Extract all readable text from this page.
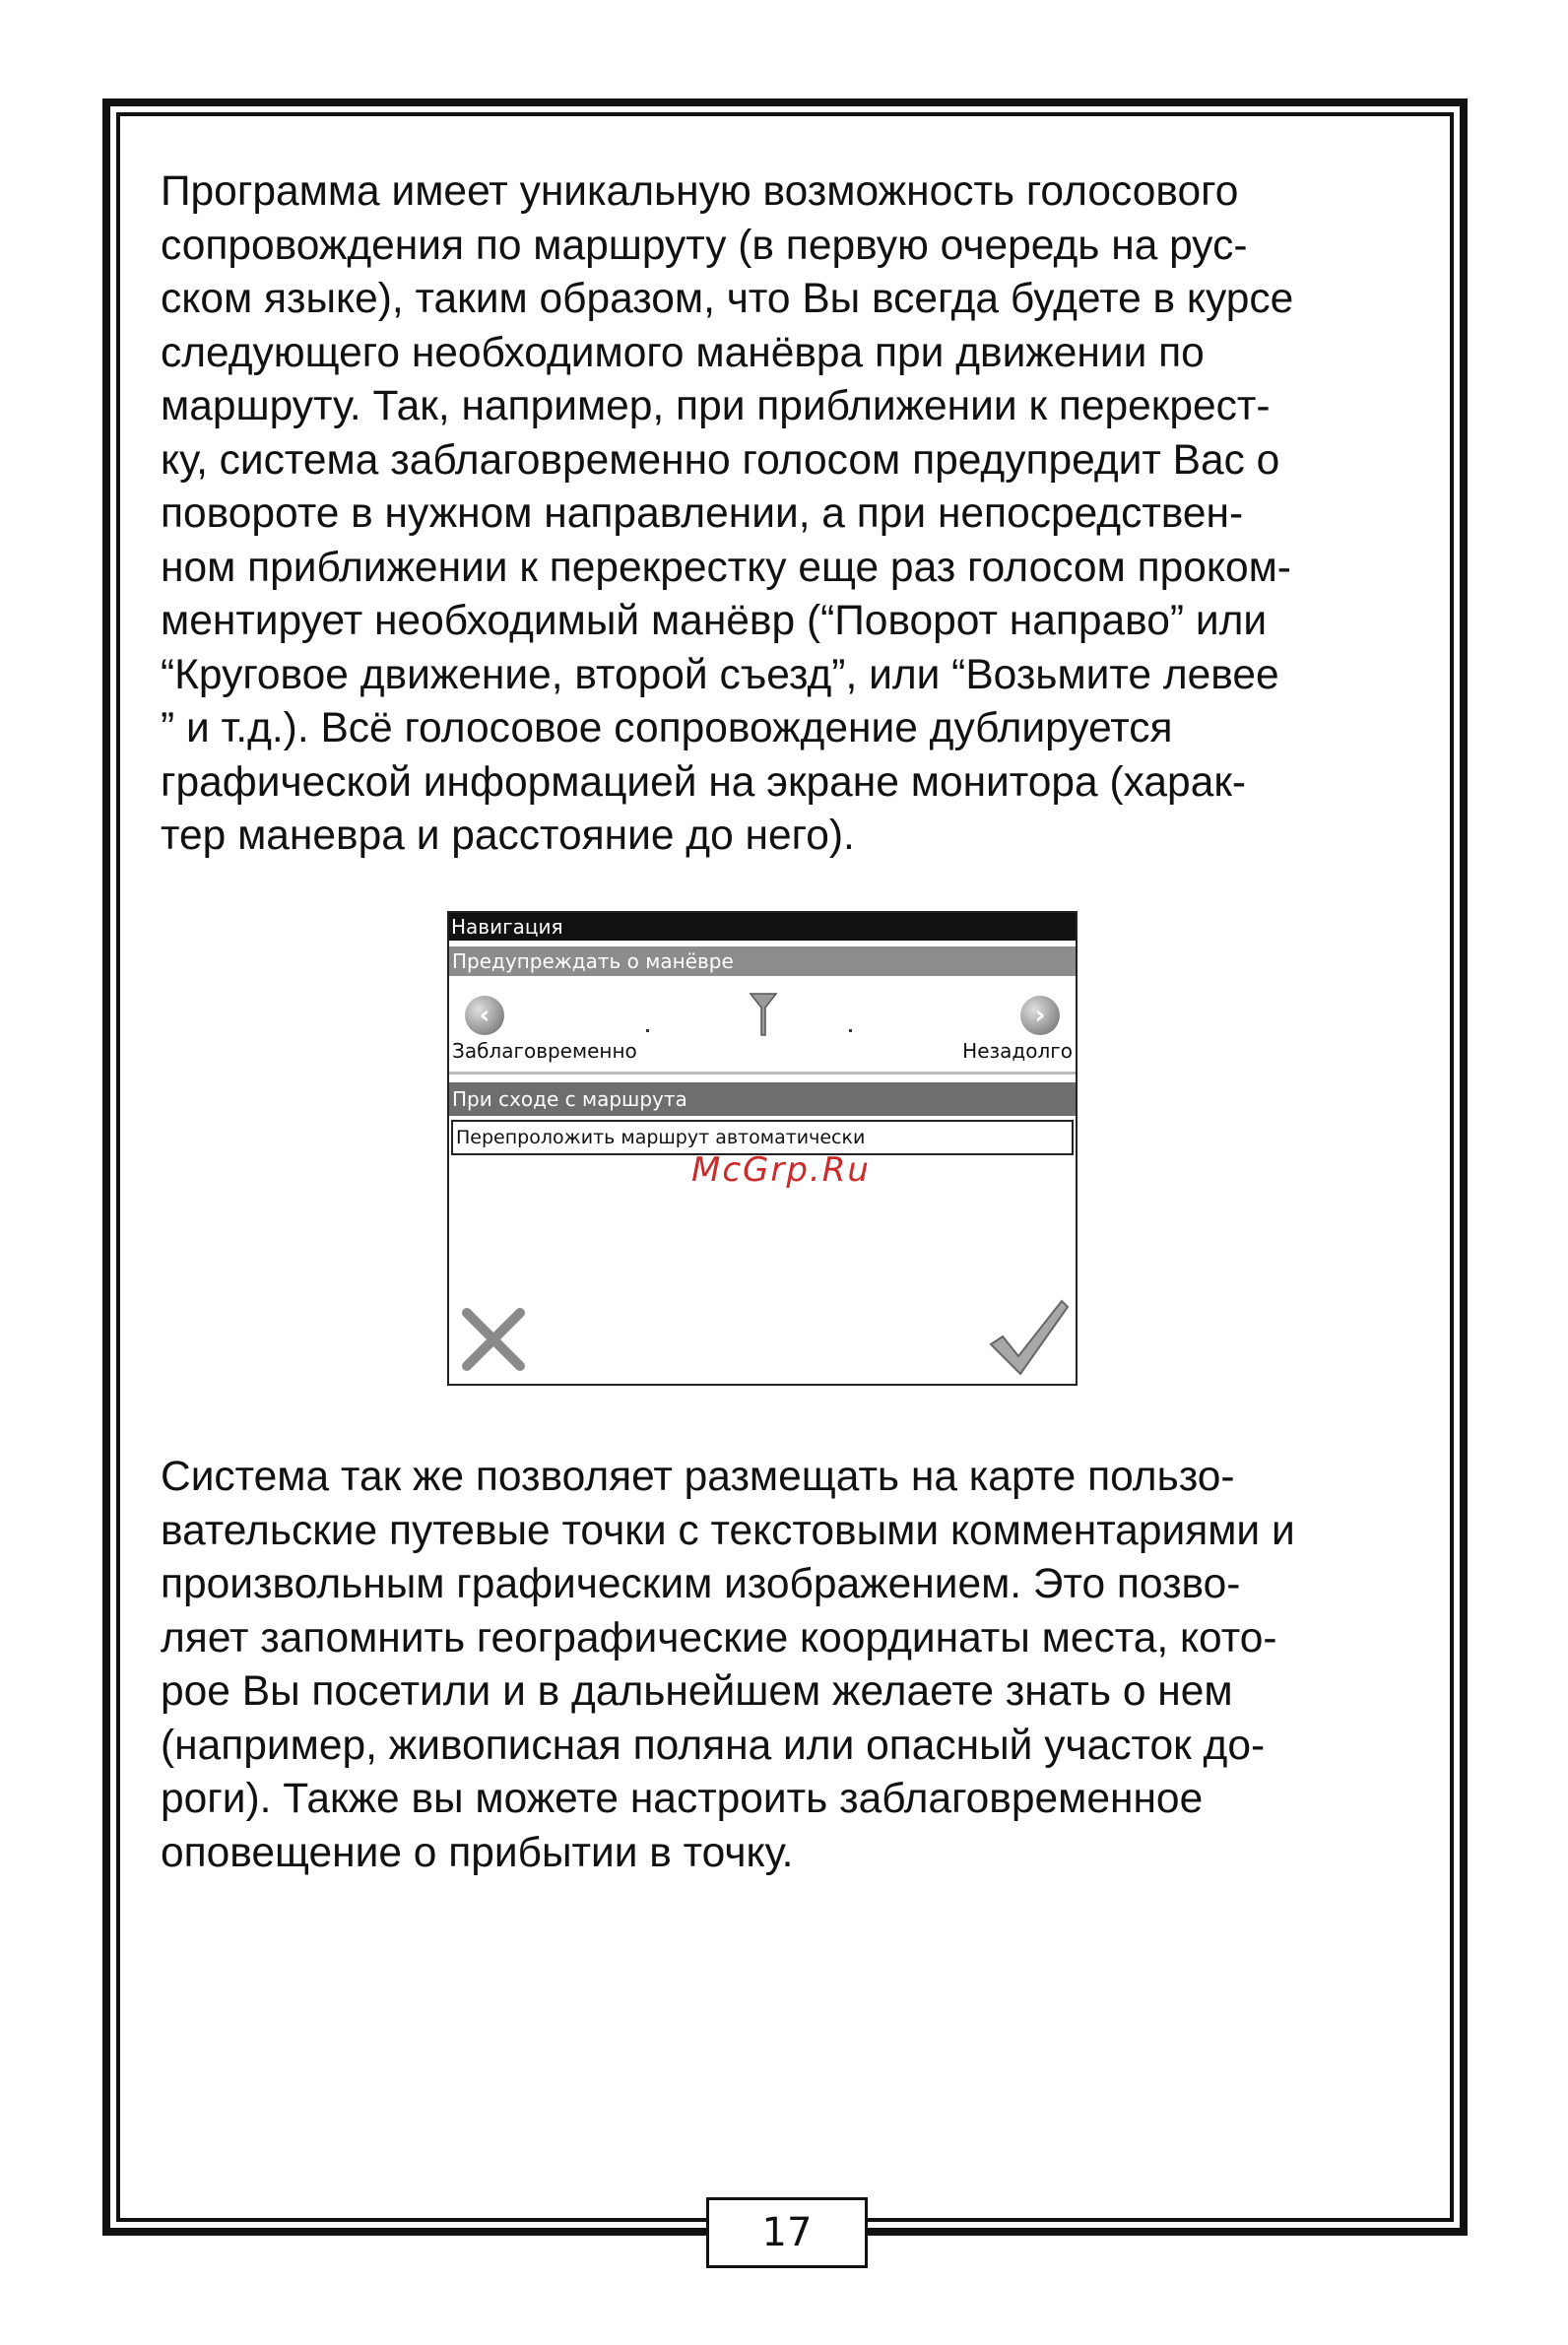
Программа имеет уникальную возможность голосового
сопровождения по маршруту (в первую очередь на рус-
ском языке), таким образом, что Вы всегда будете в курсе
следующего необходимого манёвра при движении по
маршруту. Так, например, при приближении к перекрест-
ку, система заблаговременно голосом предупредит Вас о
повороте в нужном направлении, а при непосредствен-
ном приближении к перекрестку еще раз голосом проком-
ментирует необходимый манёвр (“Поворот направо” или
“Круговое движение, второй съезд”, или “Возьмите левее
” и т.д.). Всё голосовое сопровождение дублируется
графической информацией на экране монитора (харак-
тер маневра и расстояние до него).
Навигация
Предупреждать о манёвре
‹	›
Заблаговременно	Незадолго
При сходе с маршрута
Перепроложить маршрут автоматически
McGrp.Ru
Система так же позволяет размещать на карте пользо-
вательские путевые точки с текстовыми комментариями и
произвольным графическим изображением. Это позво-
ляет запомнить географические координаты места, кото-
рое Вы посетили и в дальнейшем желаете знать о нем
(например, живописная поляна или опасный участок до-
роги). Также вы можете настроить заблаговременное
оповещение о прибытии в точку.
17
